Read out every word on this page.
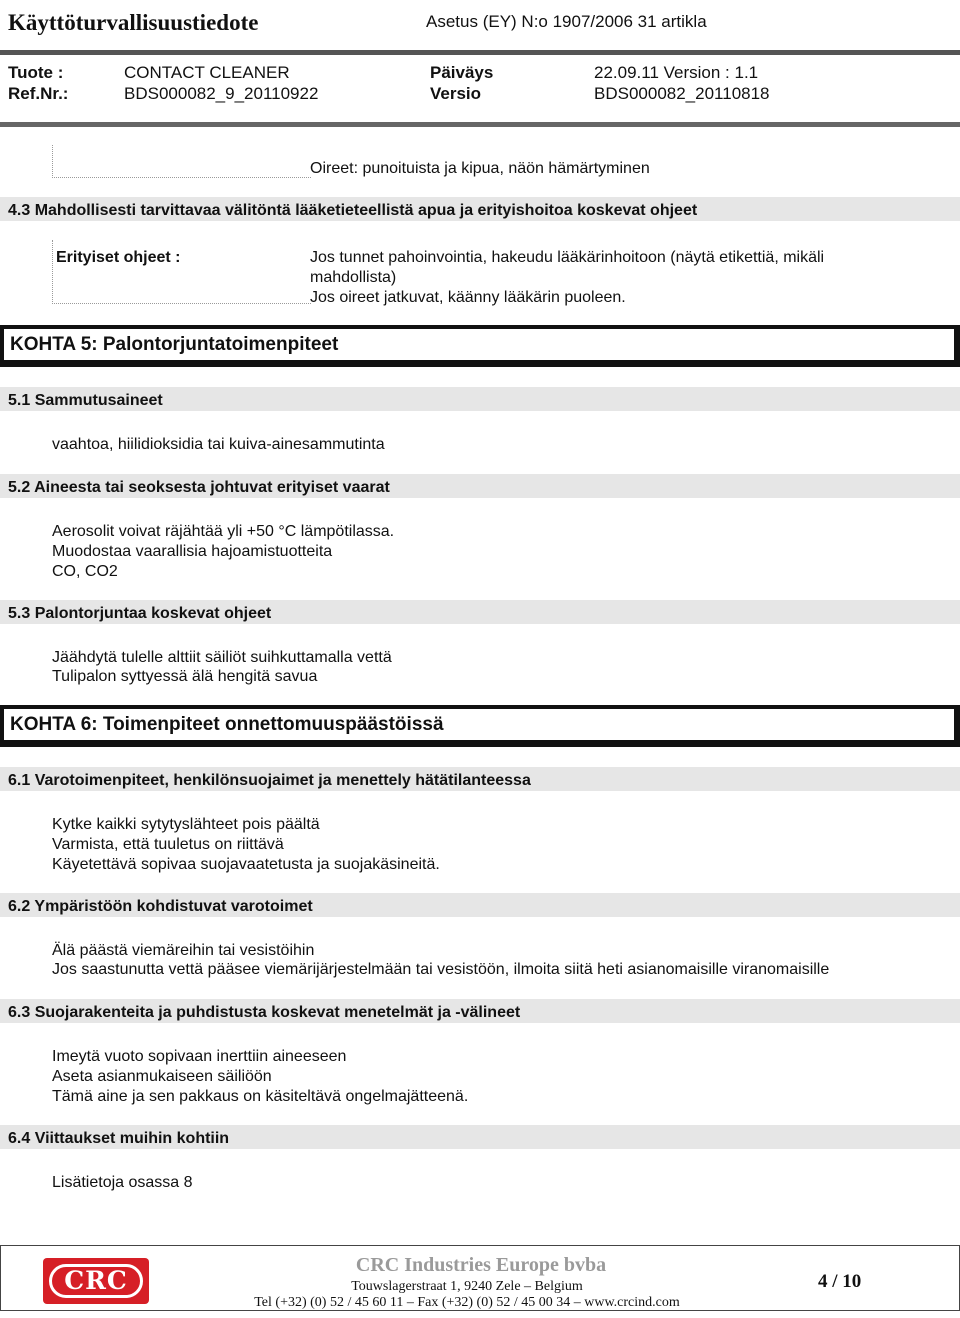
Käyttöturvallisuustiedote	Asetus (EY) N:o 1907/2006 31 artikla
Tuote :	CONTACT CLEANER	Päiväys	22.09.11 Version : 1.1
Ref.Nr.:	BDS000082_9_20110922	Versio	BDS000082_20110818
Oireet: punoituista ja kipua, näön hämärtyminen
4.3 Mahdollisesti tarvittavaa välitöntä lääketieteellistä apua ja erityishoitoa koskevat ohjeet
Erityiset ohjeet :	Jos tunnet pahoinvointia, hakeudu lääkärinhoitoon (näytä etikettiä, mikäli
mahdollista)
Jos oireet jatkuvat, käänny lääkärin puoleen.
KOHTA 5: Palontorjuntatoimenpiteet
5.1 Sammutusaineet
vaahtoa, hiilidioksidia tai kuiva-ainesammutinta
5.2 Aineesta tai seoksesta johtuvat erityiset vaarat
Aerosolit voivat räjähtää yli +50 °C lämpötilassa.
Muodostaa vaarallisia hajoamistuotteita
CO, CO2
5.3 Palontorjuntaa koskevat ohjeet
Jäähdytä tulelle alttiit säiliöt suihkuttamalla vettä
Tulipalon syttyessä älä hengitä savua
KOHTA 6: Toimenpiteet onnettomuuspäästöissä
6.1 Varotoimenpiteet, henkilönsuojaimet ja menettely hätätilanteessa
Kytke kaikki sytytyslähteet pois päältä
Varmista, että tuuletus on riittävä
Käyetettävä sopivaa suojavaatetusta ja suojakäsineitä.
6.2 Ympäristöön kohdistuvat varotoimet
Älä päästä viemäreihin tai vesistöihin
Jos saastunutta vettä pääsee viemärijärjestelmään tai vesistöön, ilmoita siitä heti asianomaisille viranomaisille
6.3 Suojarakenteita ja puhdistusta koskevat menetelmät ja -välineet
Imeytä vuoto sopivaan inerttiin aineeseen
Aseta asianmukaiseen säiliöön
Tämä aine ja sen pakkaus on käsiteltävä ongelmajätteenä.
6.4 Viittaukset muihin kohtiin
Lisätietoja osassa 8
CRC
CRC Industries Europe bvba
Touwslagerstraat 1, 9240 Zele – Belgium
Tel (+32) (0) 52 / 45 60 11 – Fax (+32) (0) 52 / 45 00 34 – www.crcind.com
4 / 10
